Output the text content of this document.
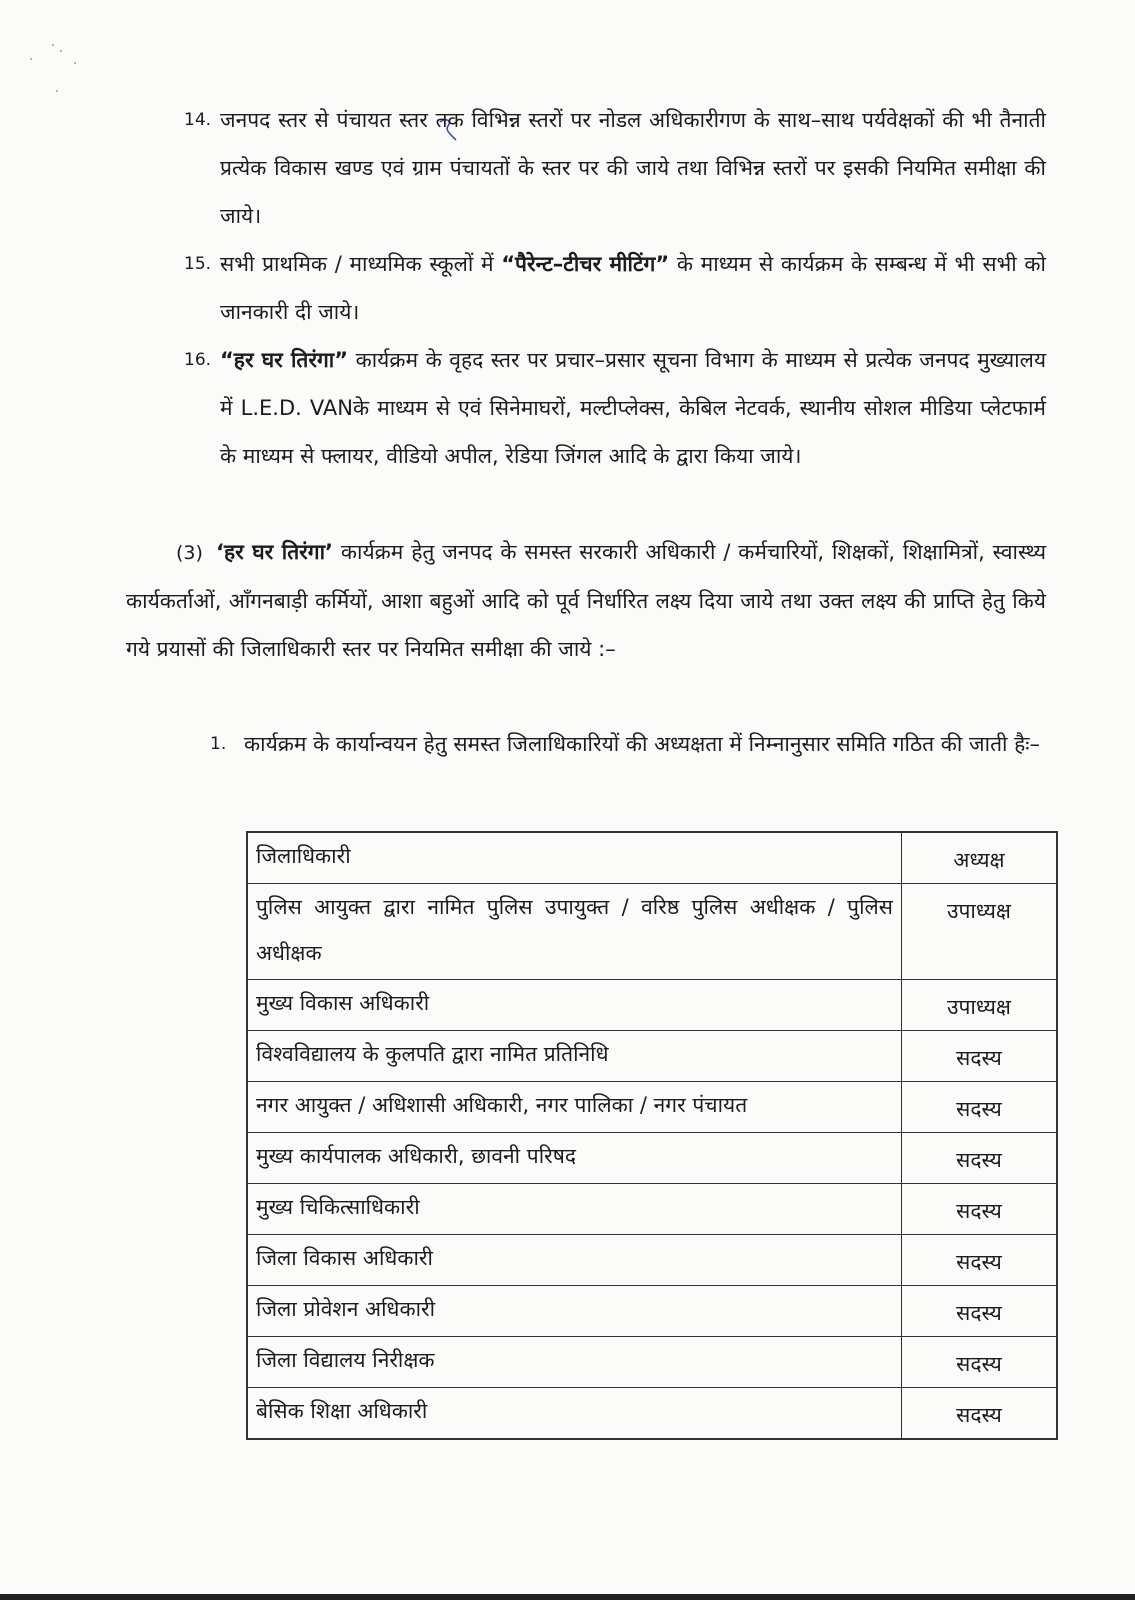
14. जनपद स्तर से पंचायत स्तर तक विभिन्न स्तरों पर नोडल अधिकारीगण के साथ–साथ पर्यवेक्षकों की भी तैनाती प्रत्येक विकास खण्ड एवं ग्राम पंचायतों के स्तर पर की जाये तथा विभिन्न स्तरों पर इसकी नियमित समीक्षा की जाये।
15. सभी प्राथमिक / माध्यमिक स्कूलों में “पैरेन्ट–टीचर मीटिंग” के माध्यम से कार्यक्रम के सम्बन्ध में भी सभी को जानकारी दी जाये।
16. “हर घर तिरंगा” कार्यक्रम के वृहद स्तर पर प्रचार–प्रसार सूचना विभाग के माध्यम से प्रत्येक जनपद मुख्यालय में L.E.D. VANके माध्यम से एवं सिनेमाघरों, मल्टीप्लेक्स, केबिल नेटवर्क, स्थानीय सोशल मीडिया प्लेटफार्म के माध्यम से फ्लायर, वीडियो अपील, रेडिया जिंगल आदि के द्वारा किया जाये।
(3) ‘हर घर तिरंगा’ कार्यक्रम हेतु जनपद के समस्त सरकारी अधिकारी / कर्मचारियों, शिक्षकों, शिक्षामित्रों, स्वास्थ्य कार्यकर्ताओं, आँगनबाड़ी कर्मियों, आशा बहुओं आदि को पूर्व निर्धारित लक्ष्य दिया जाये तथा उक्त लक्ष्य की प्राप्ति हेतु किये गये प्रयासों की जिलाधिकारी स्तर पर नियमित समीक्षा की जाये :–
1. कार्यक्रम के कार्यान्वयन हेतु समस्त जिलाधिकारियों की अध्यक्षता में निम्नानुसार समिति गठित की जाती हैः–
जिलाधिकारी	अध्यक्ष
पुलिस आयुक्त द्वारा नामित पुलिस उपायुक्त / वरिष्ठ पुलिस अधीक्षक / पुलिस अधीक्षक	उपाध्यक्ष
मुख्य विकास अधिकारी	उपाध्यक्ष
विश्वविद्यालय के कुलपति द्वारा नामित प्रतिनिधि	सदस्य
नगर आयुक्त / अधिशासी अधिकारी, नगर पालिका / नगर पंचायत	सदस्य
मुख्य कार्यपालक अधिकारी, छावनी परिषद	सदस्य
मुख्य चिकित्साधिकारी	सदस्य
जिला विकास अधिकारी	सदस्य
जिला प्रोवेशन अधिकारी	सदस्य
जिला विद्यालय निरीक्षक	सदस्य
बेसिक शिक्षा अधिकारी	सदस्य
